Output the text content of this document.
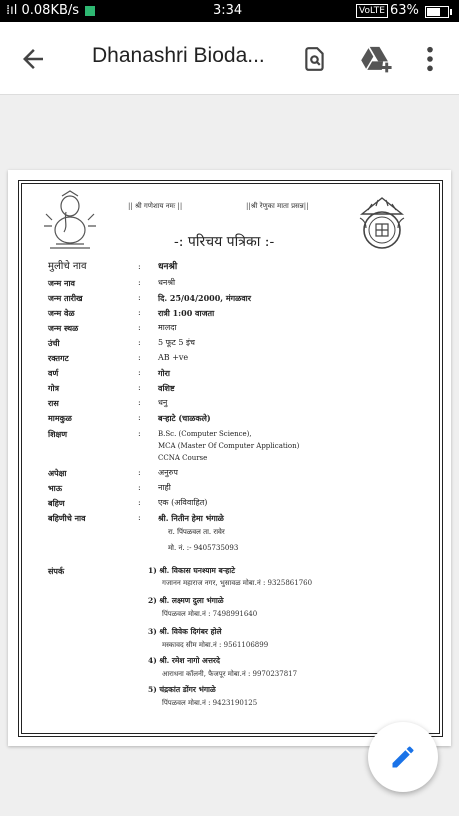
⁞ıl 0.08KB/s	3:34	VoLTE 63%
Dhanashri Bioda...
|| श्री गणेशाय नमः ||	||श्री रेणुका माता प्रसन्न||
-: परिचय पत्रिका :-
मुलीचे नाव	: धनश्री
जन्म नाव	: धनश्री
जन्म तारीख	: दि. 25/04/2000, मंगळवार
जन्म वेळ	: रात्री 1:00 वाजता
जन्म स्थळ	: मालदा
उंची	: 5 फूट 5 इंच
रक्तगट	: AB +ve
वर्ण	: गोरा
गोत्र	: वशिष्ट
रास	: धनु
मामकुळ	: बऱ्हाटे (चाळकले)
शिक्षण	: B.Sc. (Computer Science),
MCA (Master Of Computer Application)
CCNA Course
अपेक्षा	: अनुरुप
भाऊ	: नाही
बहिण	: एक (अविवाहित)
बहिणीचे नाव	: श्री. नितीन हेमा भंगाळे
रा. पिंपळवल ता. रावेर
मो. नं. :- 9405735093
संपर्क	1) श्री. विकास घनश्याम बऱ्हाटे
गजानन महाराज नगर, भुसावळ मोबा.नं : 9325861760
2) श्री. लक्ष्मण दुला भंगाळे
पिंपळवल मोबा.नं : 7498991640
3) श्री. विवेक दिगंबर होले
मस्कावद सीम मोबा.नं : 9561106899
4) श्री. रमेश नागो अत्तरदे
आराधना कॉलनी, फैजपूर मोबा.नं : 9970237817
5) चंद्रकांत डोंगर भंगाळे
पिंपळवल मोबा.नं : 9423190125
